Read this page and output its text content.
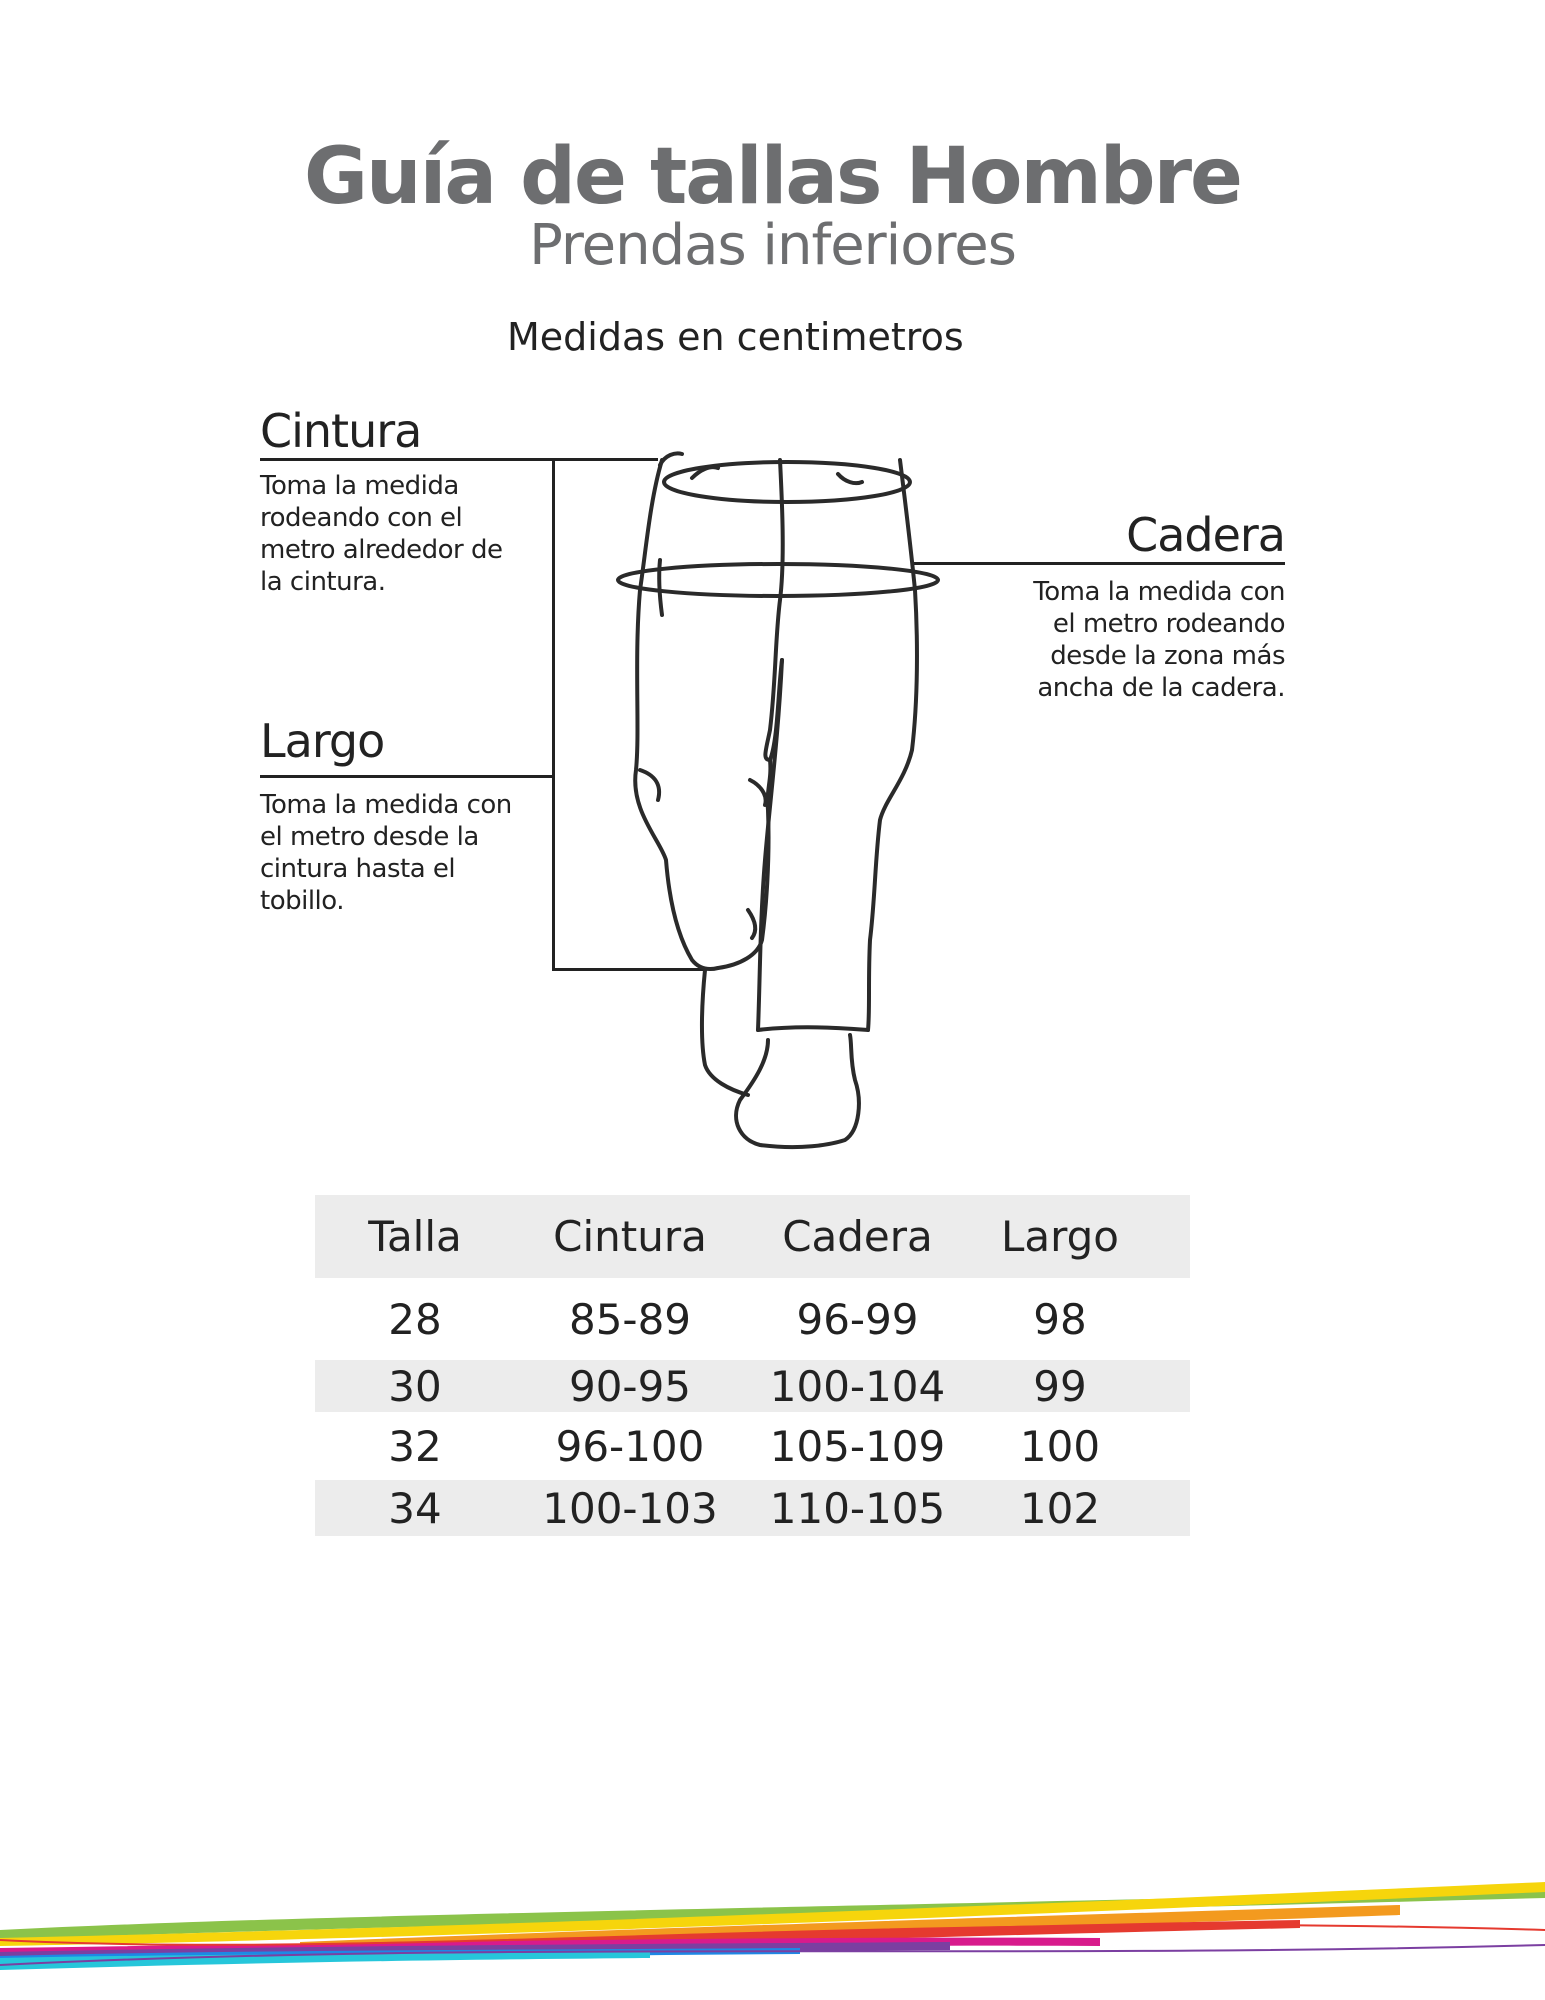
Guía de tallas Hombre
Prendas inferiores
Medidas en centimetros
Cintura
Toma la medida
rodeando con el
metro alrededor de
la cintura.
Largo
Toma la medida con
el metro desde la
cintura hasta el
tobillo.
Cadera
Toma la medida con
el metro rodeando
desde la zona más
ancha de la cadera.
Talla	Cintura	Cadera	Largo
28	85-89	96-99	98
30	90-95	100-104	99
32	96-100	105-109	100
34	100-103	110-105	102
